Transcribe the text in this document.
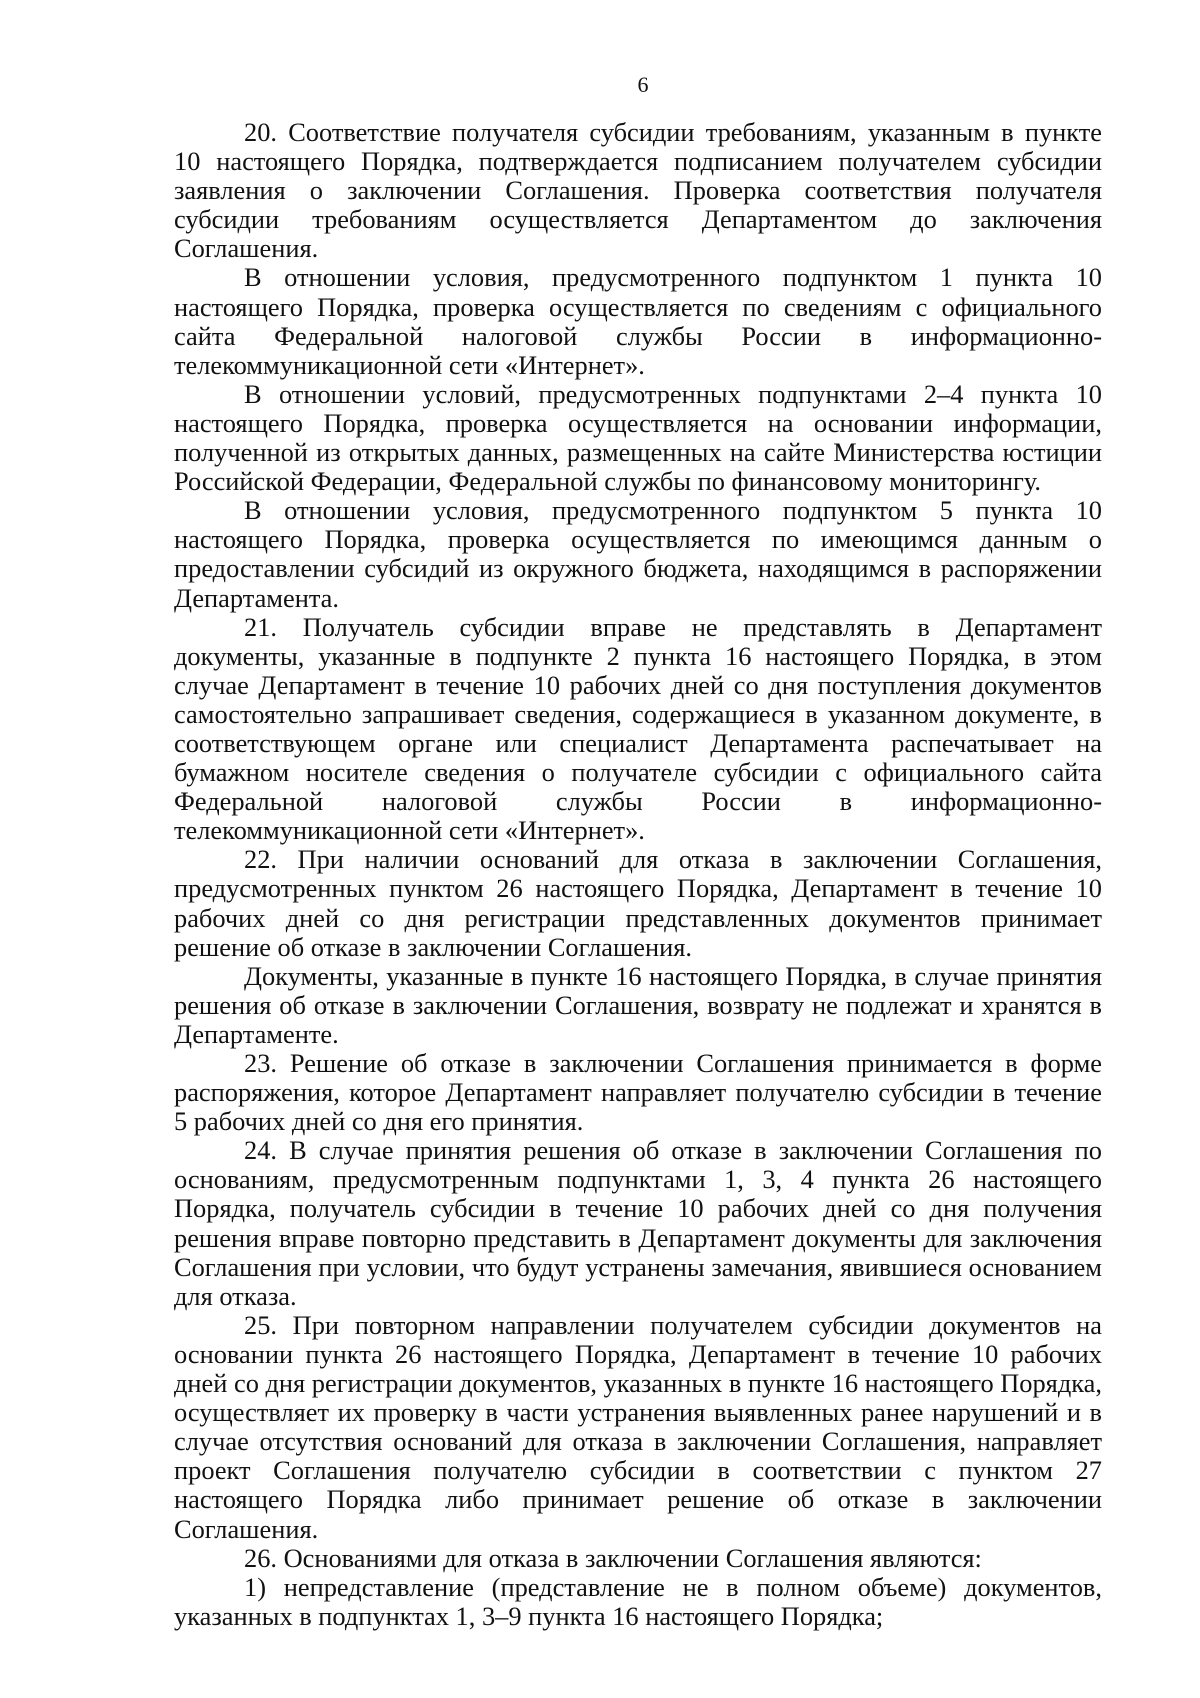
6

20. Соответствие получателя субсидии требованиям, указанным в пункте 10 настоящего Порядка, подтверждается подписанием получателем субсидии заявления о заключении Соглашения. Проверка соответствия получателя субсидии требованиям осуществляется Департаментом до заключения Соглашения.

В отношении условия, предусмотренного подпунктом 1 пункта 10 настоящего Порядка, проверка осуществляется по сведениям с официального сайта Федеральной налоговой службы России в информационно-телекоммуникационной сети «Интернет».

В отношении условий, предусмотренных подпунктами 2–4 пункта 10 настоящего Порядка, проверка осуществляется на основании информации, полученной из открытых данных, размещенных на сайте Министерства юстиции Российской Федерации, Федеральной службы по финансовому мониторингу.

В отношении условия, предусмотренного подпунктом 5 пункта 10 настоящего Порядка, проверка осуществляется по имеющимся данным о предоставлении субсидий из окружного бюджета, находящимся в распоряжении Департамента.

21. Получатель субсидии вправе не представлять в Департамент документы, указанные в подпункте 2 пункта 16 настоящего Порядка, в этом случае Департамент в течение 10 рабочих дней со дня поступления документов самостоятельно запрашивает сведения, содержащиеся в указанном документе, в соответствующем органе или специалист Департамента распечатывает на бумажном носителе сведения о получателе субсидии с официального сайта Федеральной налоговой службы России в информационно-телекоммуникационной сети «Интернет».

22. При наличии оснований для отказа в заключении Соглашения, предусмотренных пунктом 26 настоящего Порядка, Департамент в течение 10 рабочих дней со дня регистрации представленных документов принимает решение об отказе в заключении Соглашения.

Документы, указанные в пункте 16 настоящего Порядка, в случае принятия решения об отказе в заключении Соглашения, возврату не подлежат и хранятся в Департаменте.

23. Решение об отказе в заключении Соглашения принимается в форме распоряжения, которое Департамент направляет получателю субсидии в течение 5 рабочих дней со дня его принятия.

24. В случае принятия решения об отказе в заключении Соглашения по основаниям, предусмотренным подпунктами 1, 3, 4 пункта 26 настоящего Порядка, получатель субсидии в течение 10 рабочих дней со дня получения решения вправе повторно представить в Департамент документы для заключения Соглашения при условии, что будут устранены замечания, явившиеся основанием для отказа.

25. При повторном направлении получателем субсидии документов на основании пункта 26 настоящего Порядка, Департамент в течение 10 рабочих дней со дня регистрации документов, указанных в пункте 16 настоящего Порядка, осуществляет их проверку в части устранения выявленных ранее нарушений и в случае отсутствия оснований для отказа в заключении Соглашения, направляет проект Соглашения получателю субсидии в соответствии с пунктом 27 настоящего Порядка либо принимает решение об отказе в заключении Соглашения.

26. Основаниями для отказа в заключении Соглашения являются:

1) непредставление (представление не в полном объеме) документов, указанных в подпунктах 1, 3–9 пункта 16 настоящего Порядка;
